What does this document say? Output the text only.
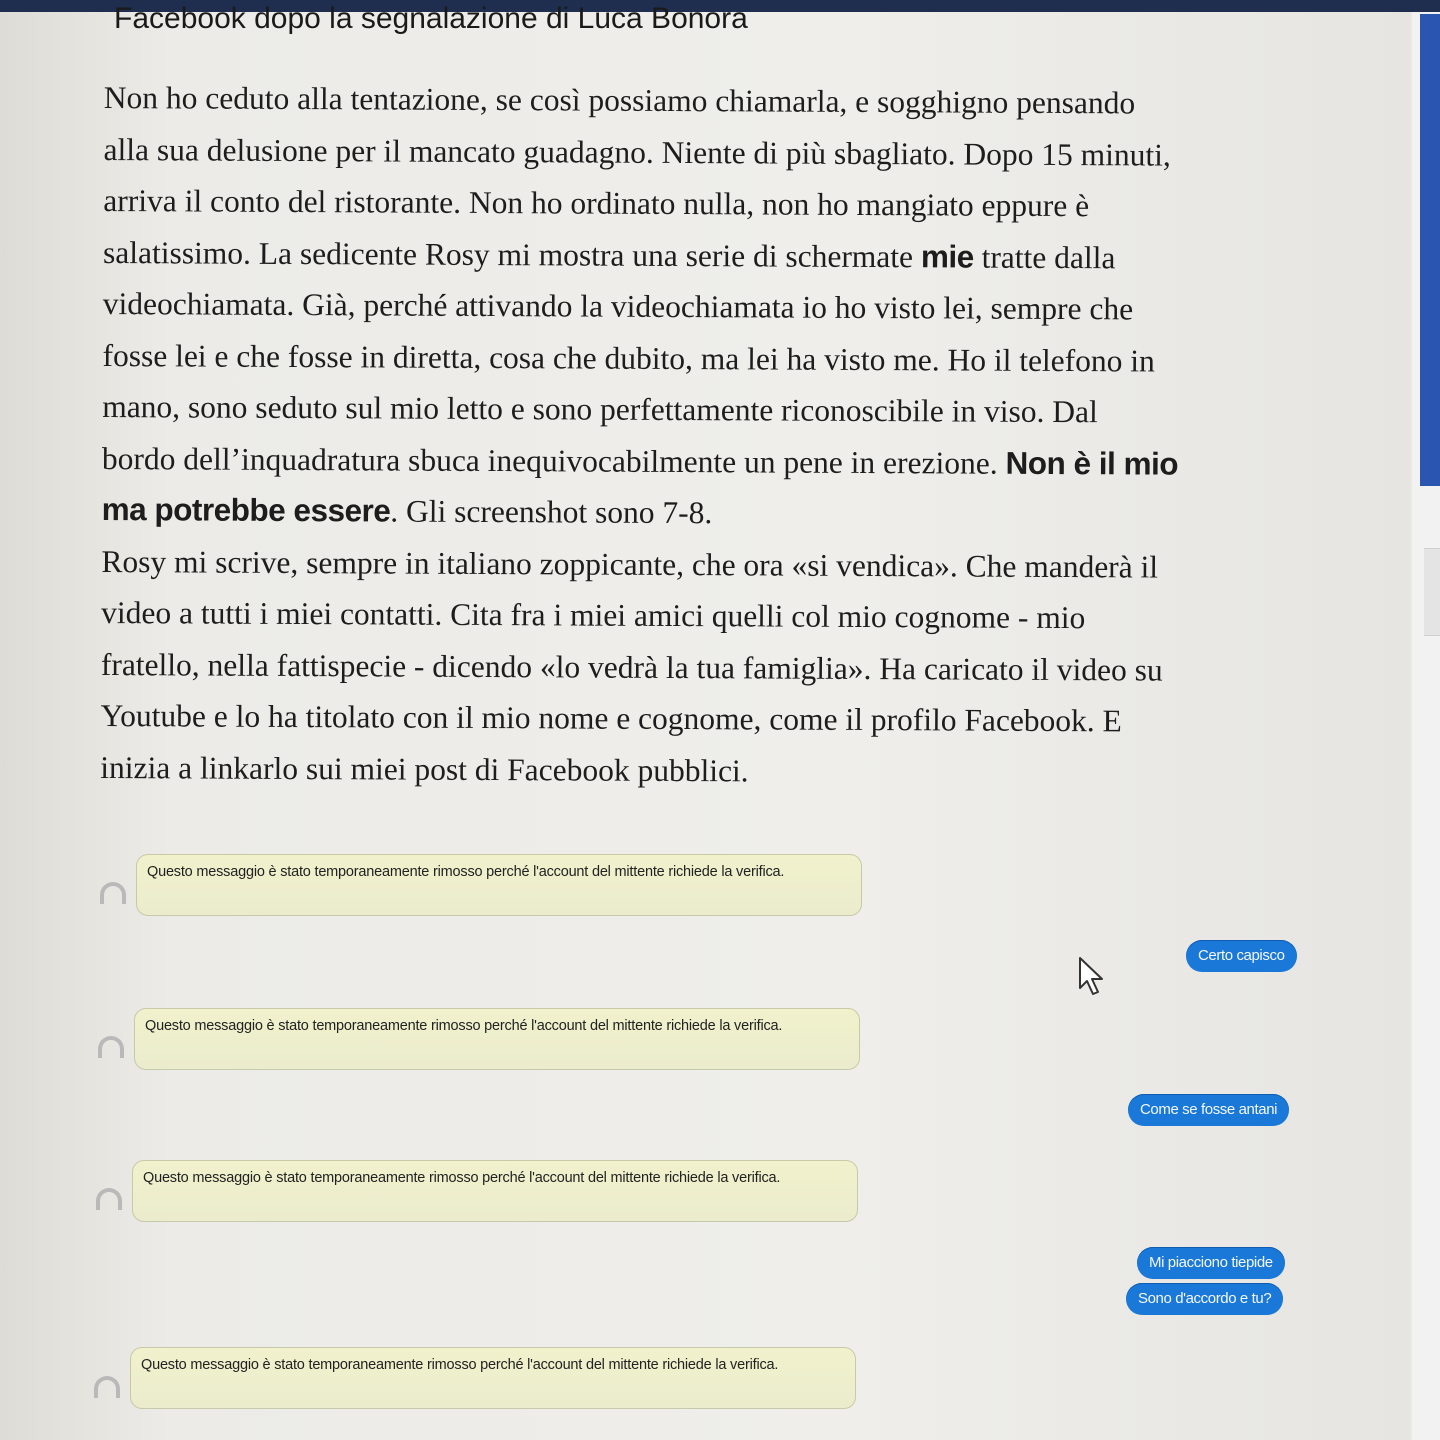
Facebook dopo la segnalazione di Luca Bonora

Non ho ceduto alla tentazione, se così possiamo chiamarla, e sogghigno pensando
alla sua delusione per il mancato guadagno. Niente di più sbagliato. Dopo 15 minuti,
arriva il conto del ristorante. Non ho ordinato nulla, non ho mangiato eppure è
salatissimo. La sedicente Rosy mi mostra una serie di schermate mie tratte dalla
videochiamata. Già, perché attivando la videochiamata io ho visto lei, sempre che
fosse lei e che fosse in diretta, cosa che dubito, ma lei ha visto me. Ho il telefono in
mano, sono seduto sul mio letto e sono perfettamente riconoscibile in viso. Dal
bordo dell’inquadratura sbuca inequivocabilmente un pene in erezione. Non è il mio
ma potrebbe essere. Gli screenshot sono 7-8.

Rosy mi scrive, sempre in italiano zoppicante, che ora «si vendica». Che manderà il
video a tutti i miei contatti. Cita fra i miei amici quelli col mio cognome - mio
fratello, nella fattispecie - dicendo «lo vedrà la tua famiglia». Ha caricato il video su
Youtube e lo ha titolato con il mio nome e cognome, come il profilo Facebook. E
inizia a linkarlo sui miei post di Facebook pubblici.

Questo messaggio è stato temporaneamente rimosso perché l'account del mittente richiede la verifica.
Certo capisco
Questo messaggio è stato temporaneamente rimosso perché l'account del mittente richiede la verifica.
Come se fosse antani
Questo messaggio è stato temporaneamente rimosso perché l'account del mittente richiede la verifica.
Mi piacciono tiepide
Sono d'accordo e tu?
Questo messaggio è stato temporaneamente rimosso perché l'account del mittente richiede la verifica.
